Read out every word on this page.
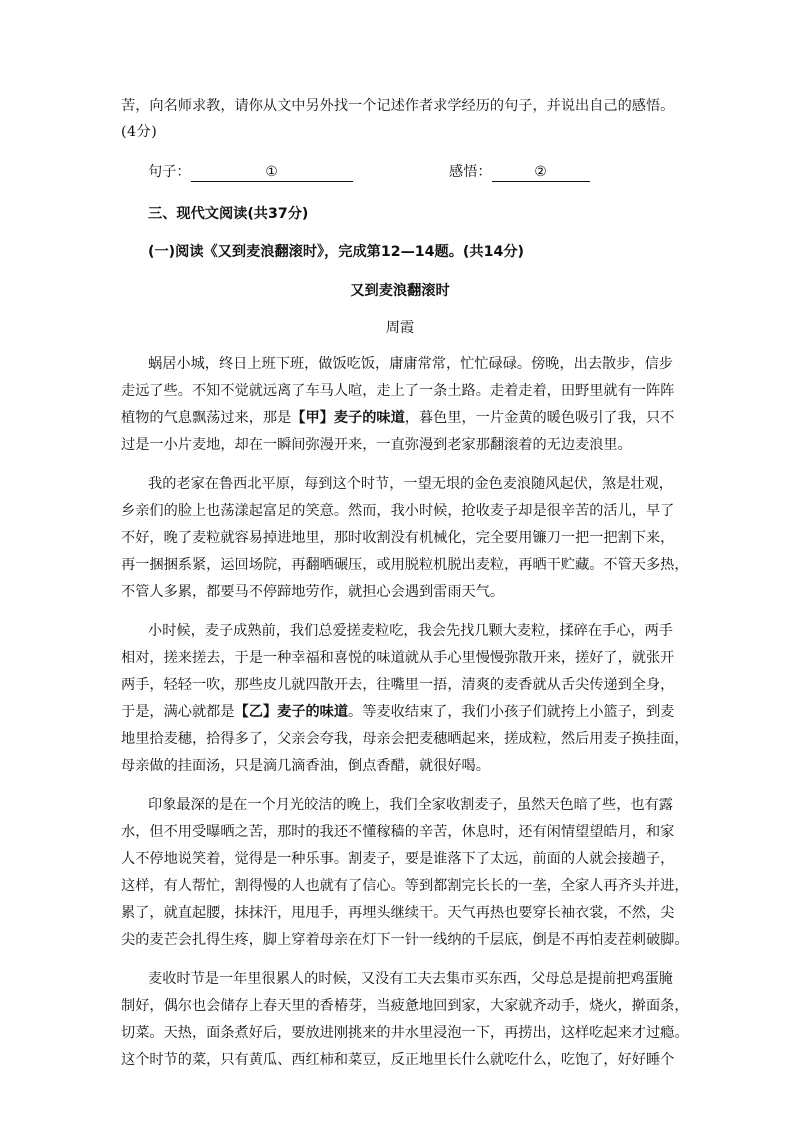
苦，向名师求教，请你从文中另外找一个记述作者求学经历的句子，并说出自己的感悟。
(4分)
句子：	①	感悟：	②
三、现代文阅读(共37分)
(一)阅读《又到麦浪翻滚时》，完成第12—14题。(共14分)
又到麦浪翻滚时
周霞
蜗居小城，终日上班下班，做饭吃饭，庸庸常常，忙忙碌碌。傍晚，出去散步，信步
走远了些。不知不觉就远离了车马人喧，走上了一条土路。走着走着，田野里就有一阵阵
植物的气息飘荡过来，那是【甲】麦子的味道，暮色里，一片金黄的暖色吸引了我，只不
过是一小片麦地，却在一瞬间弥漫开来，一直弥漫到老家那翻滚着的无边麦浪里。
我的老家在鲁西北平原，每到这个时节，一望无垠的金色麦浪随风起伏，煞是壮观，
乡亲们的脸上也荡漾起富足的笑意。然而，我小时候，抢收麦子却是很辛苦的活儿，早了
不好，晚了麦粒就容易掉进地里，那时收割没有机械化，完全要用镰刀一把一把割下来，
再一捆捆系紧，运回场院，再翻晒碾压，或用脱粒机脱出麦粒，再晒干贮藏。不管天多热，
不管人多累，都要马不停蹄地劳作，就担心会遇到雷雨天气。
小时候，麦子成熟前，我们总爱搓麦粒吃，我会先找几颗大麦粒，揉碎在手心，两手
相对，搓来搓去，于是一种幸福和喜悦的味道就从手心里慢慢弥散开来，搓好了，就张开
两手，轻轻一吹，那些皮儿就四散开去，往嘴里一捂，清爽的麦香就从舌尖传递到全身，
于是，满心就都是【乙】麦子的味道。等麦收结束了，我们小孩子们就挎上小篮子，到麦
地里拾麦穗，拾得多了，父亲会夸我，母亲会把麦穗晒起来，搓成粒，然后用麦子换挂面，
母亲做的挂面汤，只是滴几滴香油，倒点香醋，就很好喝。
印象最深的是在一个月光皎洁的晚上，我们全家收割麦子，虽然天色暗了些，也有露
水，但不用受曝晒之苦，那时的我还不懂稼穑的辛苦，休息时，还有闲情望望皓月，和家
人不停地说笑着，觉得是一种乐事。割麦子，要是谁落下了太远，前面的人就会接趟子，
这样，有人帮忙，割得慢的人也就有了信心。等到都割完长长的一垄，全家人再齐头并进，
累了，就直起腰，抹抹汗，甩甩手，再埋头继续干。天气再热也要穿长袖衣裳，不然，尖
尖的麦芒会扎得生疼，脚上穿着母亲在灯下一针一线纳的千层底，倒是不再怕麦茬刺破脚。
麦收时节是一年里很累人的时候，又没有工夫去集市买东西，父母总是提前把鸡蛋腌
制好，偶尔也会储存上春天里的香椿芽，当疲惫地回到家，大家就齐动手，烧火，擀面条，
切菜。天热，面条煮好后，要放进刚挑来的井水里浸泡一下，再捞出，这样吃起来才过瘾。
这个时节的菜，只有黄瓜、西红柿和菜豆，反正地里长什么就吃什么，吃饱了，好好睡个
